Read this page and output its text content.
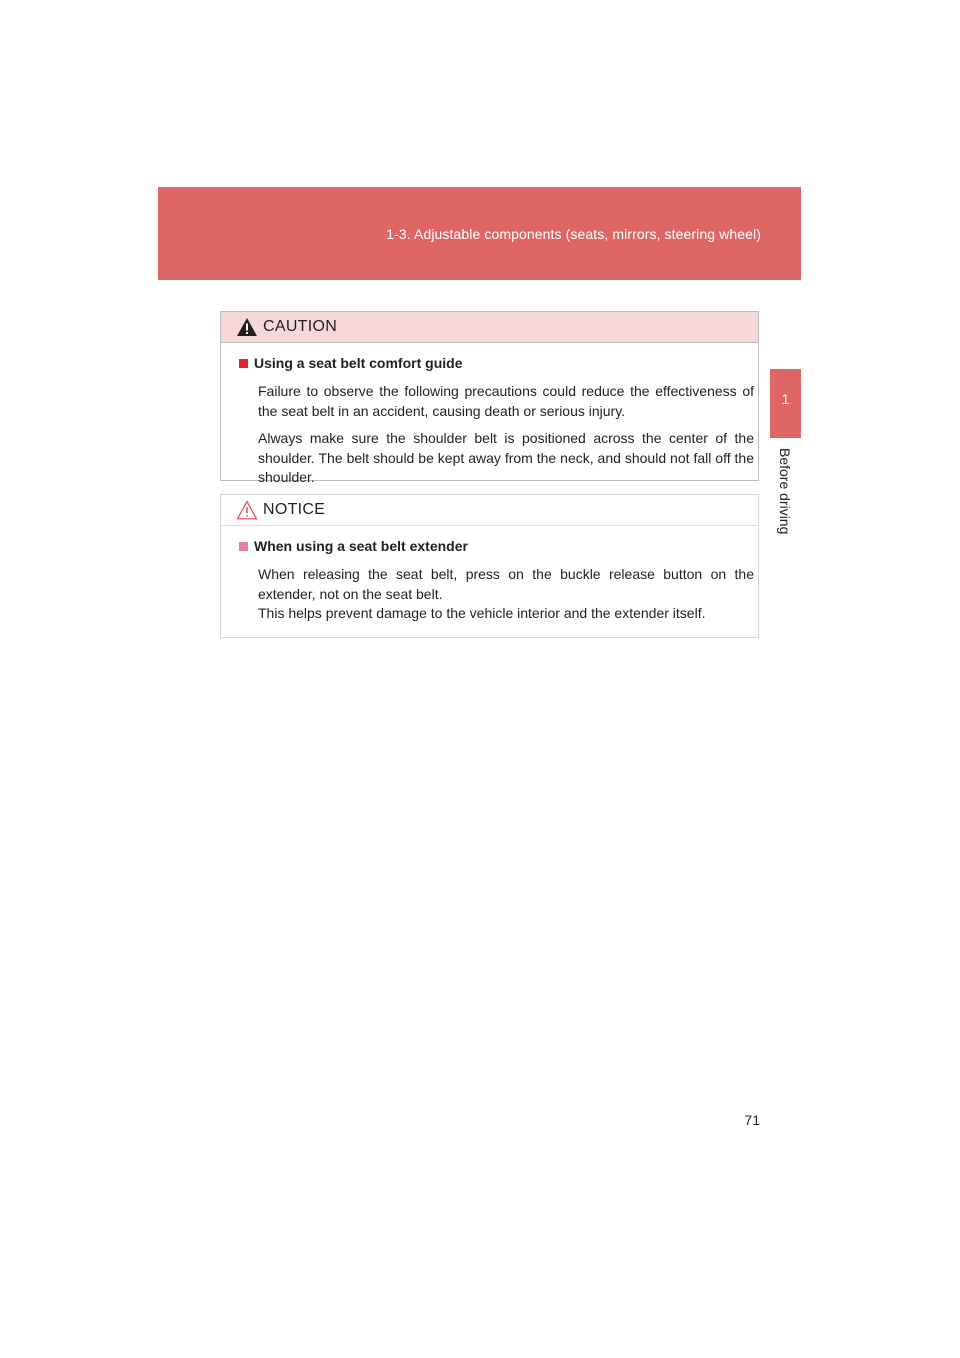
1-3. Adjustable components (seats, mirrors, steering wheel)
1
Before driving
CAUTION
Using a seat belt comfort guide

Failure to observe the following precautions could reduce the effectiveness of the seat belt in an accident, causing death or serious injury.

Always make sure the shoulder belt is positioned across the center of the shoulder. The belt should be kept away from the neck, and should not fall off the shoulder.

NOTICE
When using a seat belt extender

When releasing the seat belt, press on the buckle release button on the extender, not on the seat belt.
This helps prevent damage to the vehicle interior and the extender itself.

71
